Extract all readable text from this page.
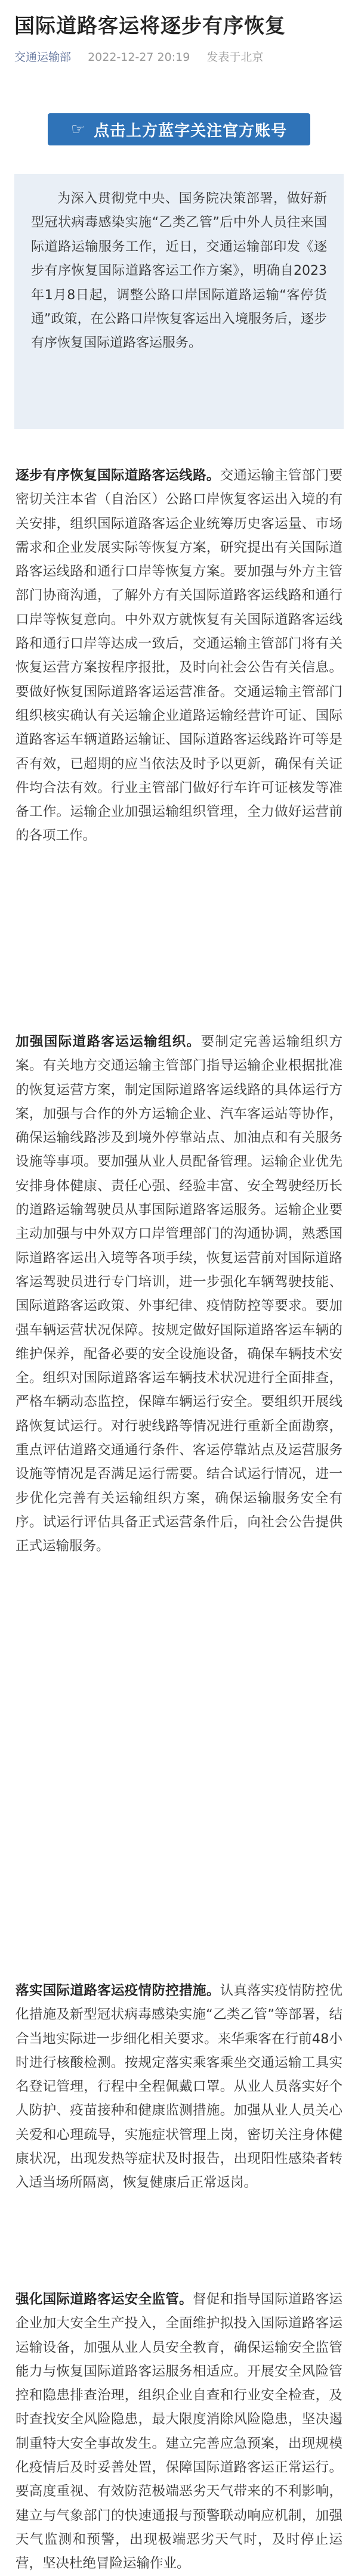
国际道路客运将逐步有序恢复
交通运输部 2022-12-27 20:19 发表于北京
☞ 点击上方蓝字关注官方账号

为深入贯彻党中央、国务院决策部署，做好新型冠状病毒感染实施“乙类乙管”后中外人员往来国际道路运输服务工作，近日，交通运输部印发《逐步有序恢复国际道路客运工作方案》，明确自2023年1月8日起，调整公路口岸国际道路运输“客停货通”政策，在公路口岸恢复客运出入境服务后，逐步有序恢复国际道路客运服务。

逐步有序恢复国际道路客运线路。交通运输主管部门要密切关注本省（自治区）公路口岸恢复客运出入境的有关安排，组织国际道路客运企业统筹历史客运量、市场需求和企业发展实际等恢复方案，研究提出有关国际道路客运线路和通行口岸等恢复方案。要加强与外方主管部门协商沟通，了解外方有关国际道路客运线路和通行口岸等恢复意向。中外双方就恢复有关国际道路客运线路和通行口岸等达成一致后，交通运输主管部门将有关恢复运营方案按程序报批，及时向社会公告有关信息。要做好恢复国际道路客运运营准备。交通运输主管部门组织核实确认有关运输企业道路运输经营许可证、国际道路客运车辆道路运输证、国际道路客运线路许可等是否有效，已超期的应当依法及时予以更新，确保有关证件均合法有效。行业主管部门做好行车许可证核发等准备工作。运输企业加强运输组织管理，全力做好运营前的各项工作。

加强国际道路客运运输组织。要制定完善运输组织方案。有关地方交通运输主管部门指导运输企业根据批准的恢复运营方案，制定国际道路客运线路的具体运行方案，加强与合作的外方运输企业、汽车客运站等协作，确保运输线路涉及到境外停靠站点、加油点和有关服务设施等事项。要加强从业人员配备管理。运输企业优先安排身体健康、责任心强、经验丰富、安全驾驶经历长的道路运输驾驶员从事国际道路客运服务。运输企业要主动加强与中外双方口岸管理部门的沟通协调，熟悉国际道路客运出入境等各项手续，恢复运营前对国际道路客运驾驶员进行专门培训，进一步强化车辆驾驶技能、国际道路客运政策、外事纪律、疫情防控等要求。要加强车辆运营状况保障。按规定做好国际道路客运车辆的维护保养，配备必要的安全设施设备，确保车辆技术安全。组织对国际道路客运车辆技术状况进行全面排查，严格车辆动态监控，保障车辆运行安全。要组织开展线路恢复试运行。对行驶线路等情况进行重新全面勘察，重点评估道路交通通行条件、客运停靠站点及运营服务设施等情况是否满足运行需要。结合试运行情况，进一步优化完善有关运输组织方案，确保运输服务安全有序。试运行评估具备正式运营条件后，向社会公告提供正式运输服务。

落实国际道路客运疫情防控措施。认真落实疫情防控优化措施及新型冠状病毒感染实施“乙类乙管”等部署，结合当地实际进一步细化相关要求。来华乘客在行前48小时进行核酸检测。按规定落实乘客乘坐交通运输工具实名登记管理，行程中全程佩戴口罩。从业人员落实好个人防护、疫苗接种和健康监测措施。加强从业人员关心关爱和心理疏导，实施症状管理上岗，密切关注身体健康状况，出现发热等症状及时报告，出现阳性感染者转入适当场所隔离，恢复健康后正常返岗。

强化国际道路客运安全监管。督促和指导国际道路客运企业加大安全生产投入，全面维护拟投入国际道路客运运输设备，加强从业人员安全教育，确保运输安全监管能力与恢复国际道路客运服务相适应。开展安全风险管控和隐患排查治理，组织企业自查和行业安全检查，及时查找安全风险隐患，最大限度消除风险隐患，坚决遏制重特大安全事故发生。建立完善应急预案，出现规模化疫情后及时妥善处置，保障国际道路客运正常运行。要高度重视、有效防范极端恶劣天气带来的不利影响，建立与气象部门的快速通报与预警联动响应机制，加强天气监测和预警，出现极端恶劣天气时，及时停止运营，坚决杜绝冒险运输作业。
